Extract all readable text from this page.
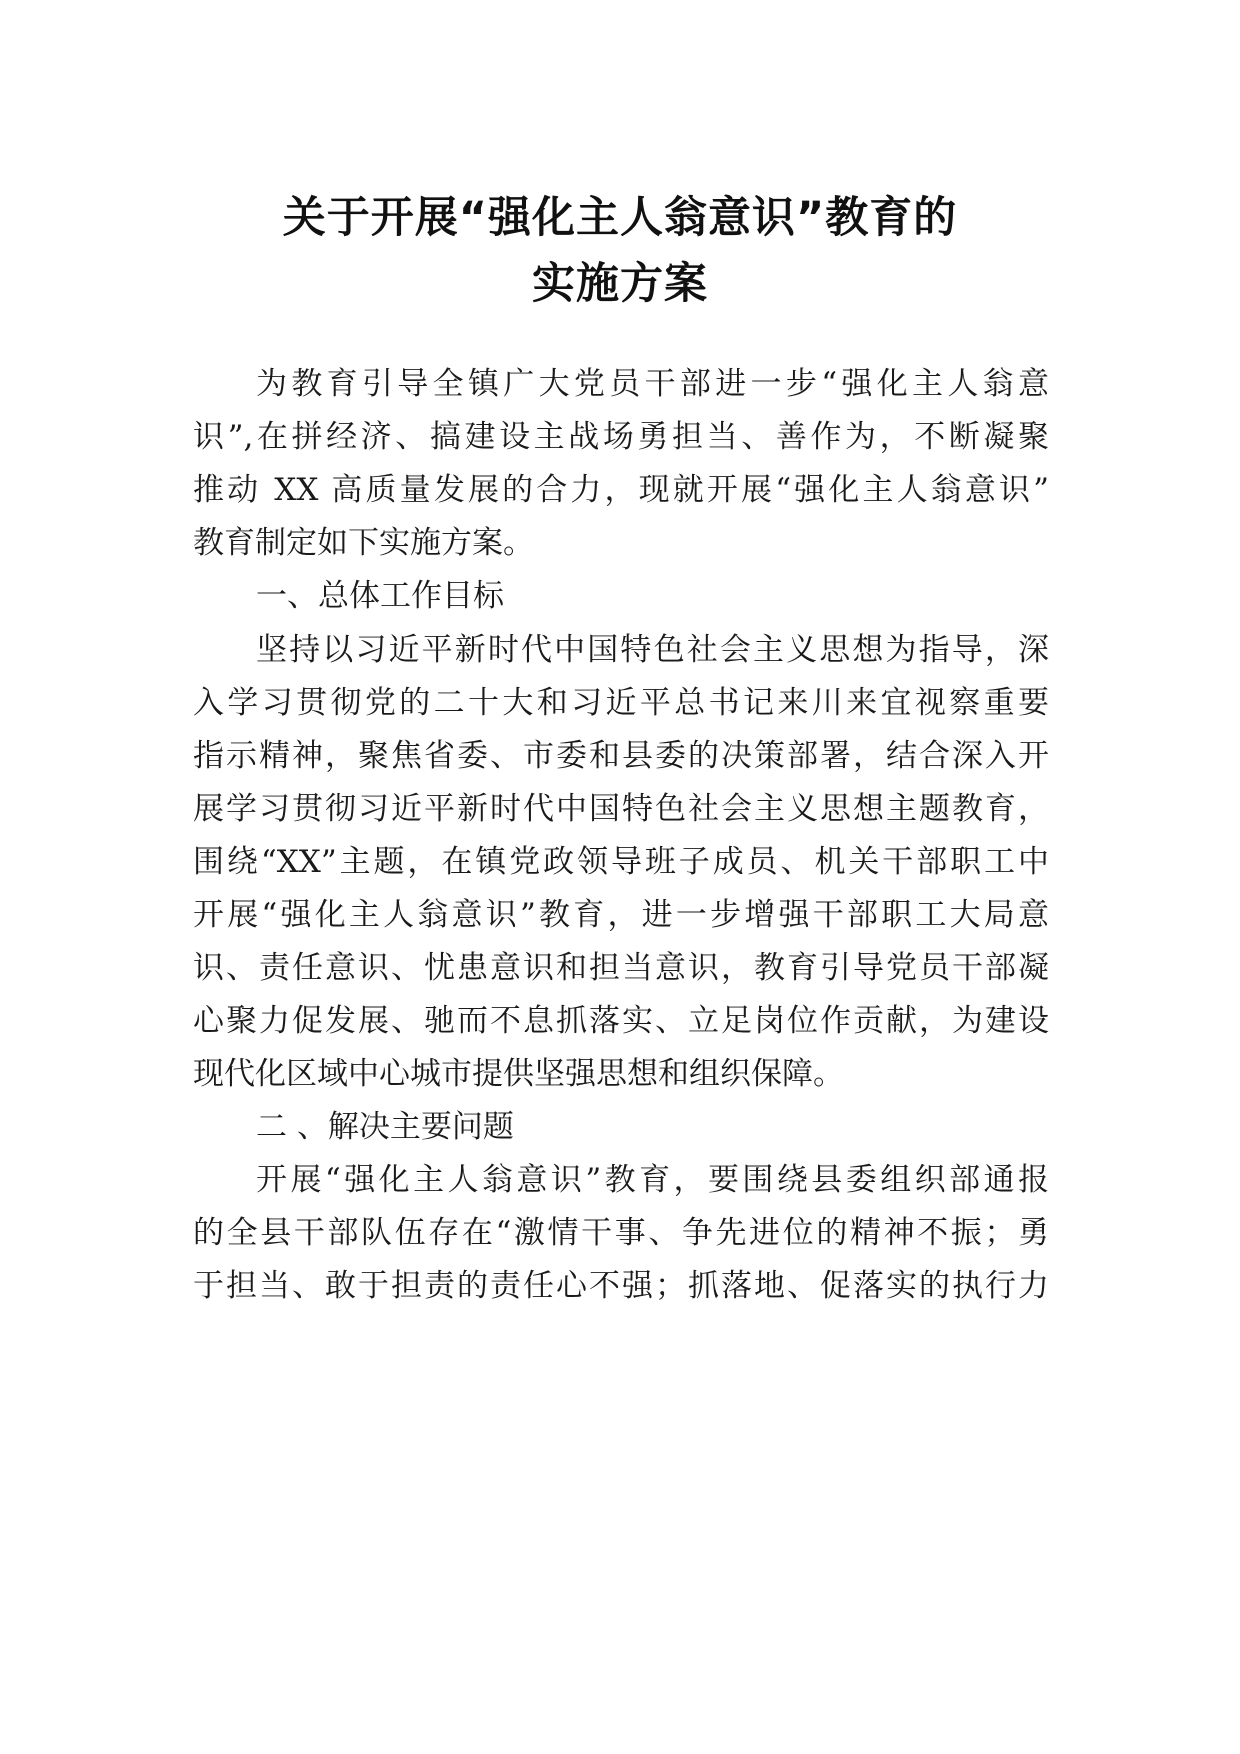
关于开展“强化主人翁意识”教育的
实施方案
为教育引导全镇广大党员干部进一步“强化主人翁意
识”,在拼经济、搞建设主战场勇担当、善作为，不断凝聚
推动 XX 高质量发展的合力，现就开展“强化主人翁意识”
教育制定如下实施方案。
一、总体工作目标
坚持以习近平新时代中国特色社会主义思想为指导，深
入学习贯彻党的二十大和习近平总书记来川来宜视察重要
指示精神，聚焦省委、市委和县委的决策部署，结合深入开
展学习贯彻习近平新时代中国特色社会主义思想主题教育，
围绕“XX”主题，在镇党政领导班子成员、机关干部职工中
开展“强化主人翁意识”教育，进一步增强干部职工大局意
识、责任意识、忧患意识和担当意识，教育引导党员干部凝
心聚力促发展、驰而不息抓落实、立足岗位作贡献，为建设
现代化区域中心城市提供坚强思想和组织保障。
二 、解决主要问题
开展“强化主人翁意识”教育，要围绕县委组织部通报
的全县干部队伍存在“激情干事、争先进位的精神不振；勇
于担当、敢于担责的责任心不强；抓落地、促落实的执行力
